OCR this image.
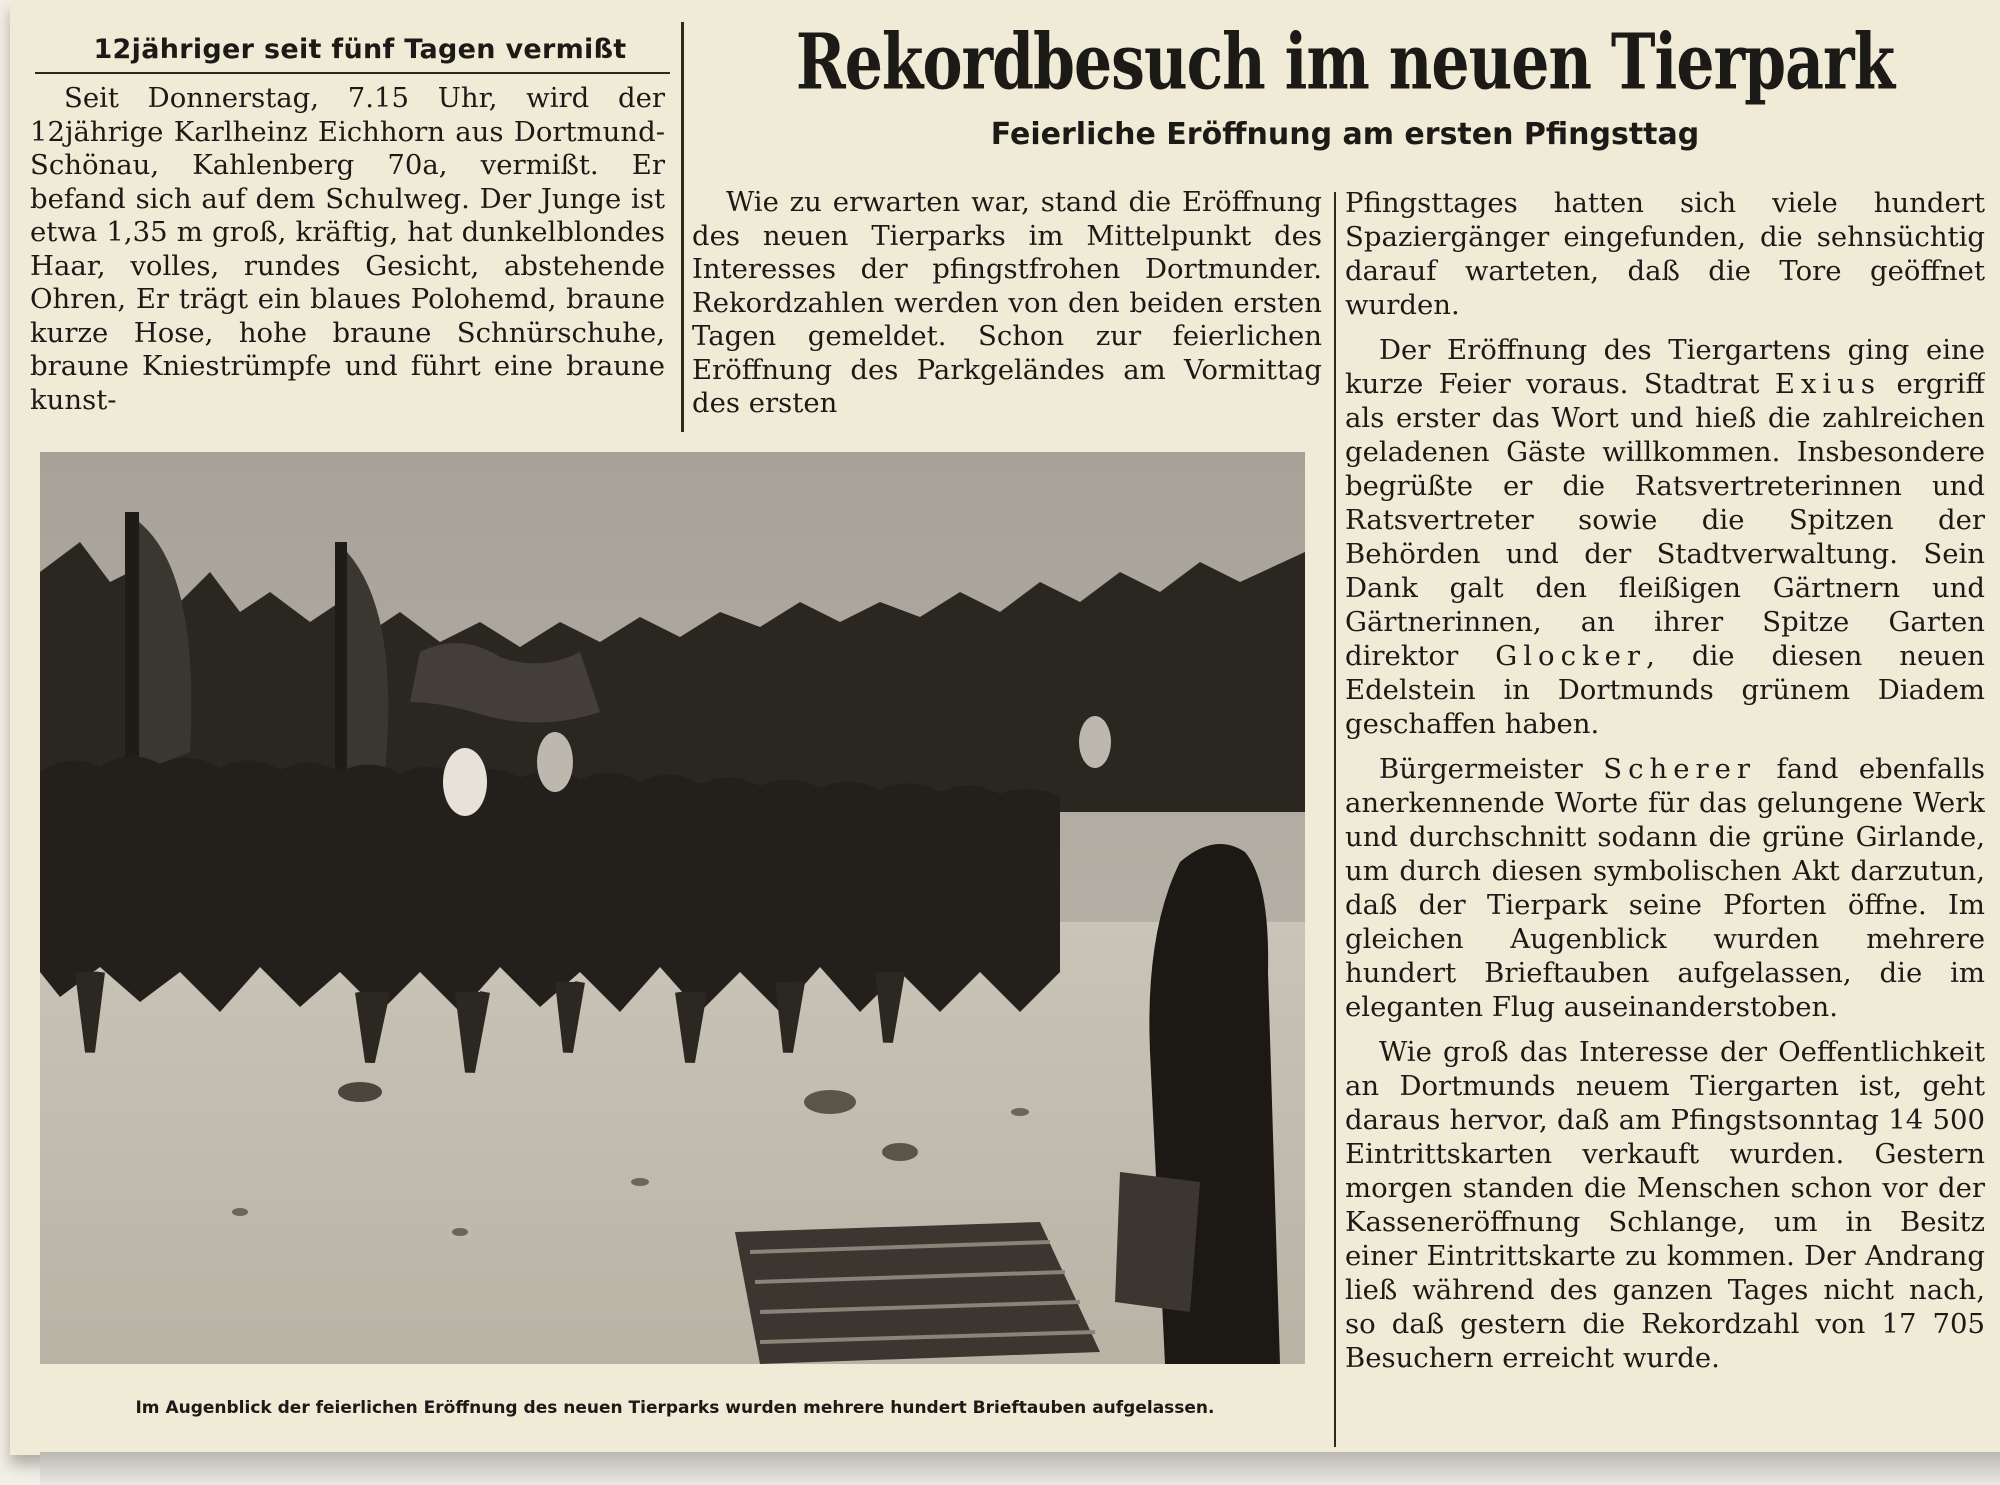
12jähriger seit fünf Tagen vermißt

Seit Donnerstag, 7.15 Uhr, wird der 12jährige Karlheinz Eichhorn aus Dortmund-Schönau, Kahlenberg 70a, vermißt. Er befand sich auf dem Schulweg. Der Junge ist etwa 1,35 m groß, kräftig, hat dunkelblondes Haar, volles, rundes Gesicht, abstehende Ohren, Er trägt ein blaues Polohemd, braune kurze Hose, hohe braune Schnürschuhe, braune Kniestrümpfe und führt eine braune kunst-

Rekordbesuch im neuen Tierpark
Feierliche Eröffnung am ersten Pfingsttag

Wie zu erwarten war, stand die Eröffnung des neuen Tierparks im Mittelpunkt des Interesses der pfingstfrohen Dortmunder. Rekordzahlen werden von den beiden ersten Tagen gemeldet. Schon zur feierlichen Eröffnung des Parkgeländes am Vormittag des ersten

Pfingsttages hatten sich viele hundert Spaziergänger eingefunden, die sehnsüchtig darauf warteten, daß die Tore geöffnet wurden.

Der Eröffnung des Tiergartens ging eine kurze Feier voraus. Stadtrat Exius ergriff als erster das Wort und hieß die zahlreichen geladenen Gäste willkommen. Insbesondere begrüßte er die Ratsvertreterinnen und Ratsvertreter sowie die Spitzen der Behörden und der Stadtverwaltung. Sein Dank galt den fleißigen Gärtnern und Gärtnerinnen, an ihrer Spitze Garten direktor Glocker, die diesen neuen Edelstein in Dortmunds grünem Diadem geschaffen haben.

Bürgermeister Scherer fand ebenfalls anerkennende Worte für das gelungene Werk und durchschnitt sodann die grüne Girlande, um durch diesen symbolischen Akt darzutun, daß der Tierpark seine Pforten öffne. Im gleichen Augenblick wurden mehrere hundert Brieftauben aufgelassen, die im eleganten Flug auseinanderstoben.

Wie groß das Interesse der Oeffentlichkeit an Dortmunds neuem Tiergarten ist, geht daraus hervor, daß am Pfingstsonntag 14 500 Eintrittskarten verkauft wurden. Gestern morgen standen die Menschen schon vor der Kasseneröffnung Schlange, um in Besitz einer Eintrittskarte zu kommen. Der Andrang ließ während des ganzen Tages nicht nach, so daß gestern die Rekordzahl von 17 705 Besuchern erreicht wurde.

Im Augenblick der feierlichen Eröffnung des neuen Tierparks wurden mehrere hundert Brieftauben aufgelassen.
